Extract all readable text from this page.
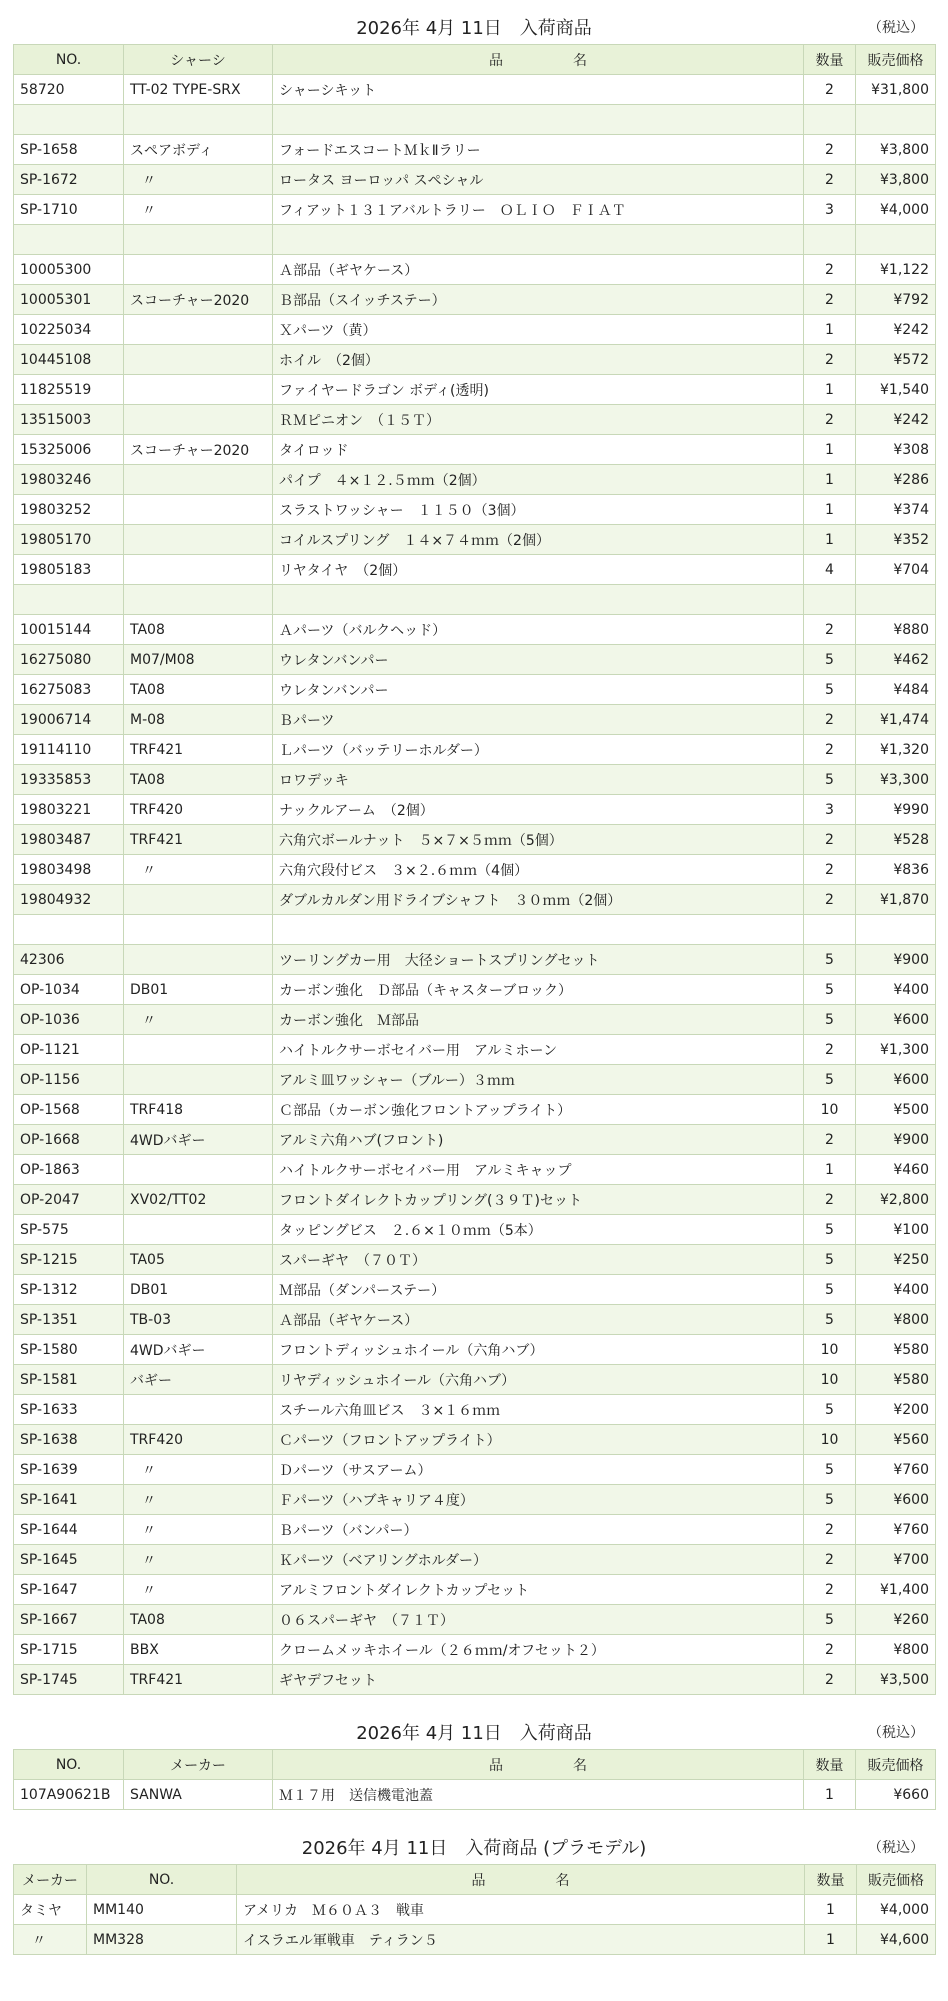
2026年 4月 11日　入荷商品	（税込）
NO.	シャーシ	品　　　　　名	数量	販売価格
58720	TT-02 TYPE-SRX	シャーシキット	2	¥31,800

SP-1658	スペアボディ	フォードエスコートＭｋⅡラリー	2	¥3,800
SP-1672	〃	ロータス ヨーロッパ スペシャル	2	¥3,800
SP-1710	〃	フィアット１３１アバルトラリー　ＯＬＩＯ　ＦＩＡＴ	3	¥4,000

10005300		Ａ部品（ギヤケース）	2	¥1,122
10005301	スコーチャー2020	Ｂ部品（スイッチステー）	2	¥792
10225034		Ｘパーツ（黄）	1	¥242
10445108		ホイル　（2個）	2	¥572
11825519		ファイヤードラゴン ボディ(透明)	1	¥1,540
13515003		ＲＭピニオン　（１５Ｔ）	2	¥242
15325006	スコーチャー2020	タイロッド	1	¥308
19803246		パイプ　４×１２.５ｍｍ（2個）	1	¥286
19803252		スラストワッシャー　１１５０（3個）	1	¥374
19805170		コイルスプリング　１４×７４ｍｍ（2個）	1	¥352
19805183		リヤタイヤ　（2個）	4	¥704

10015144	TA08	Ａパーツ（バルクヘッド）	2	¥880
16275080	M07/M08	ウレタンバンパー	5	¥462
16275083	TA08	ウレタンバンパー	5	¥484
19006714	M-08	Ｂパーツ	2	¥1,474
19114110	TRF421	Ｌパーツ（バッテリーホルダー）	2	¥1,320
19335853	TA08	ロワデッキ	5	¥3,300
19803221	TRF420	ナックルアーム　（2個）	3	¥990
19803487	TRF421	六角穴ボールナット　５×７×５ｍｍ（5個）	2	¥528
19803498	〃	六角穴段付ビス　３×２.６ｍｍ（4個）	2	¥836
19804932		ダブルカルダン用ドライブシャフト　３０ｍｍ（2個）	2	¥1,870

42306		ツーリングカー用　大径ショートスプリングセット	5	¥900
OP-1034	DB01	カーボン強化　Ｄ部品（キャスターブロック）	5	¥400
OP-1036	〃	カーボン強化　Ｍ部品	5	¥600
OP-1121		ハイトルクサーボセイバー用　アルミホーン	2	¥1,300
OP-1156		アルミ皿ワッシャー（ブルー）３ｍｍ	5	¥600
OP-1568	TRF418	Ｃ部品（カーボン強化フロントアップライト）	10	¥500
OP-1668	4WDバギー	アルミ六角ハブ(フロント)	2	¥900
OP-1863		ハイトルクサーボセイバー用　アルミキャップ	1	¥460
OP-2047	XV02/TT02	フロントダイレクトカップリング(３９Ｔ)セット	2	¥2,800
SP-575		タッピングビス　２.６×１０ｍｍ（5本）	5	¥100
SP-1215	TA05	スパーギヤ　（７０Ｔ）	5	¥250
SP-1312	DB01	Ｍ部品（ダンパーステー）	5	¥400
SP-1351	TB-03	Ａ部品（ギヤケース）	5	¥800
SP-1580	4WDバギー	フロントディッシュホイール（六角ハブ）	10	¥580
SP-1581	バギー	リヤディッシュホイール（六角ハブ）	10	¥580
SP-1633		スチール六角皿ビス　３×１６ｍｍ	5	¥200
SP-1638	TRF420	Ｃパーツ（フロントアップライト）	10	¥560
SP-1639	〃	Ｄパーツ（サスアーム）	5	¥760
SP-1641	〃	Ｆパーツ（ハブキャリア４度）	5	¥600
SP-1644	〃	Ｂパーツ（バンパー）	2	¥760
SP-1645	〃	Ｋパーツ（ベアリングホルダー）	2	¥700
SP-1647	〃	アルミフロントダイレクトカップセット	2	¥1,400
SP-1667	TA08	０６スパーギヤ　（７１Ｔ）	5	¥260
SP-1715	BBX	クロームメッキホイール（２６ｍｍ/オフセット２）	2	¥800
SP-1745	TRF421	ギヤデフセット	2	¥3,500
2026年 4月 11日　入荷商品	（税込）
NO.	メーカー	品　　　　　名	数量	販売価格
107A90621B	SANWA	Ｍ１７用　送信機電池蓋	1	¥660
2026年 4月 11日　入荷商品 (プラモデル)	（税込）
メーカー	NO.	品　　　　　名	数量	販売価格
タミヤ	MM140	アメリカ　Ｍ６０Ａ３　戦車	1	¥4,000
〃	MM328	イスラエル軍戦車　ティラン５	1	¥4,600
